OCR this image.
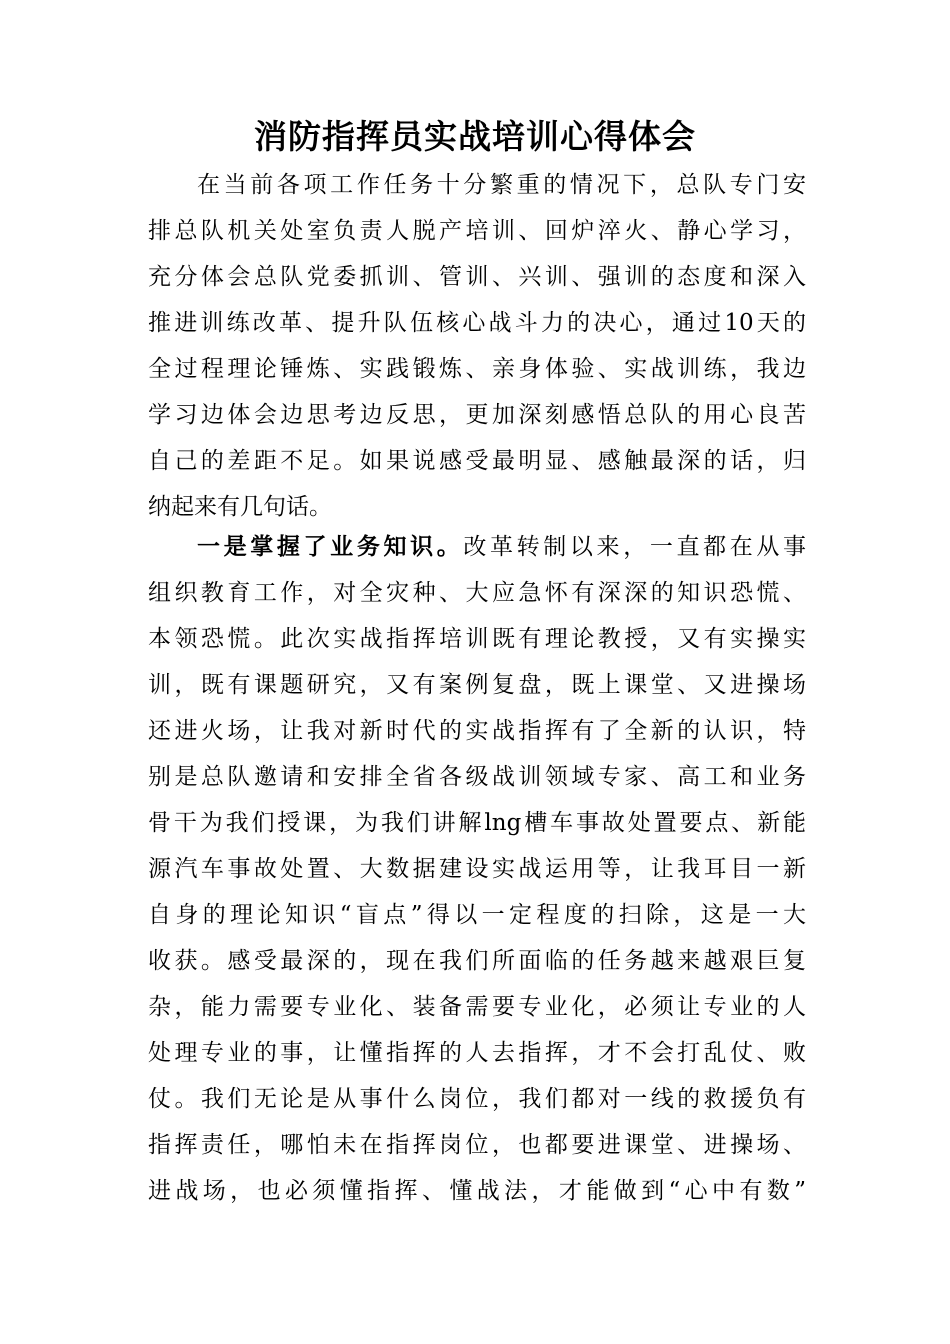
消防指挥员实战培训心得体会
在当前各项工作任务十分繁重的情况下，总队专门安
排总队机关处室负责人脱产培训、回炉淬火、静心学习，
充分体会总队党委抓训、管训、兴训、强训的态度和深入
推进训练改革、提升队伍核心战斗力的决心，通过10天的
全过程理论锤炼、实践锻炼、亲身体验、实战训练，我边
学习边体会边思考边反思，更加深刻感悟总队的用心良苦
自己的差距不足。如果说感受最明显、感触最深的话，归
纳起来有几句话。
一是掌握了业务知识。改革转制以来，一直都在从事
组织教育工作，对全灾种、大应急怀有深深的知识恐慌、
本领恐慌。此次实战指挥培训既有理论教授，又有实操实
训，既有课题研究，又有案例复盘，既上课堂、又进操场
还进火场，让我对新时代的实战指挥有了全新的认识，特
别是总队邀请和安排全省各级战训领域专家、高工和业务
骨干为我们授课，为我们讲解lng槽车事故处置要点、新能
源汽车事故处置、大数据建设实战运用等，让我耳目一新
自身的理论知识“盲点”得以一定程度的扫除，这是一大
收获。感受最深的，现在我们所面临的任务越来越艰巨复
杂，能力需要专业化、装备需要专业化，必须让专业的人
处理专业的事，让懂指挥的人去指挥，才不会打乱仗、败
仗。我们无论是从事什么岗位，我们都对一线的救援负有
指挥责任，哪怕未在指挥岗位，也都要进课堂、进操场、
进战场，也必须懂指挥、懂战法，才能做到“心中有数”
